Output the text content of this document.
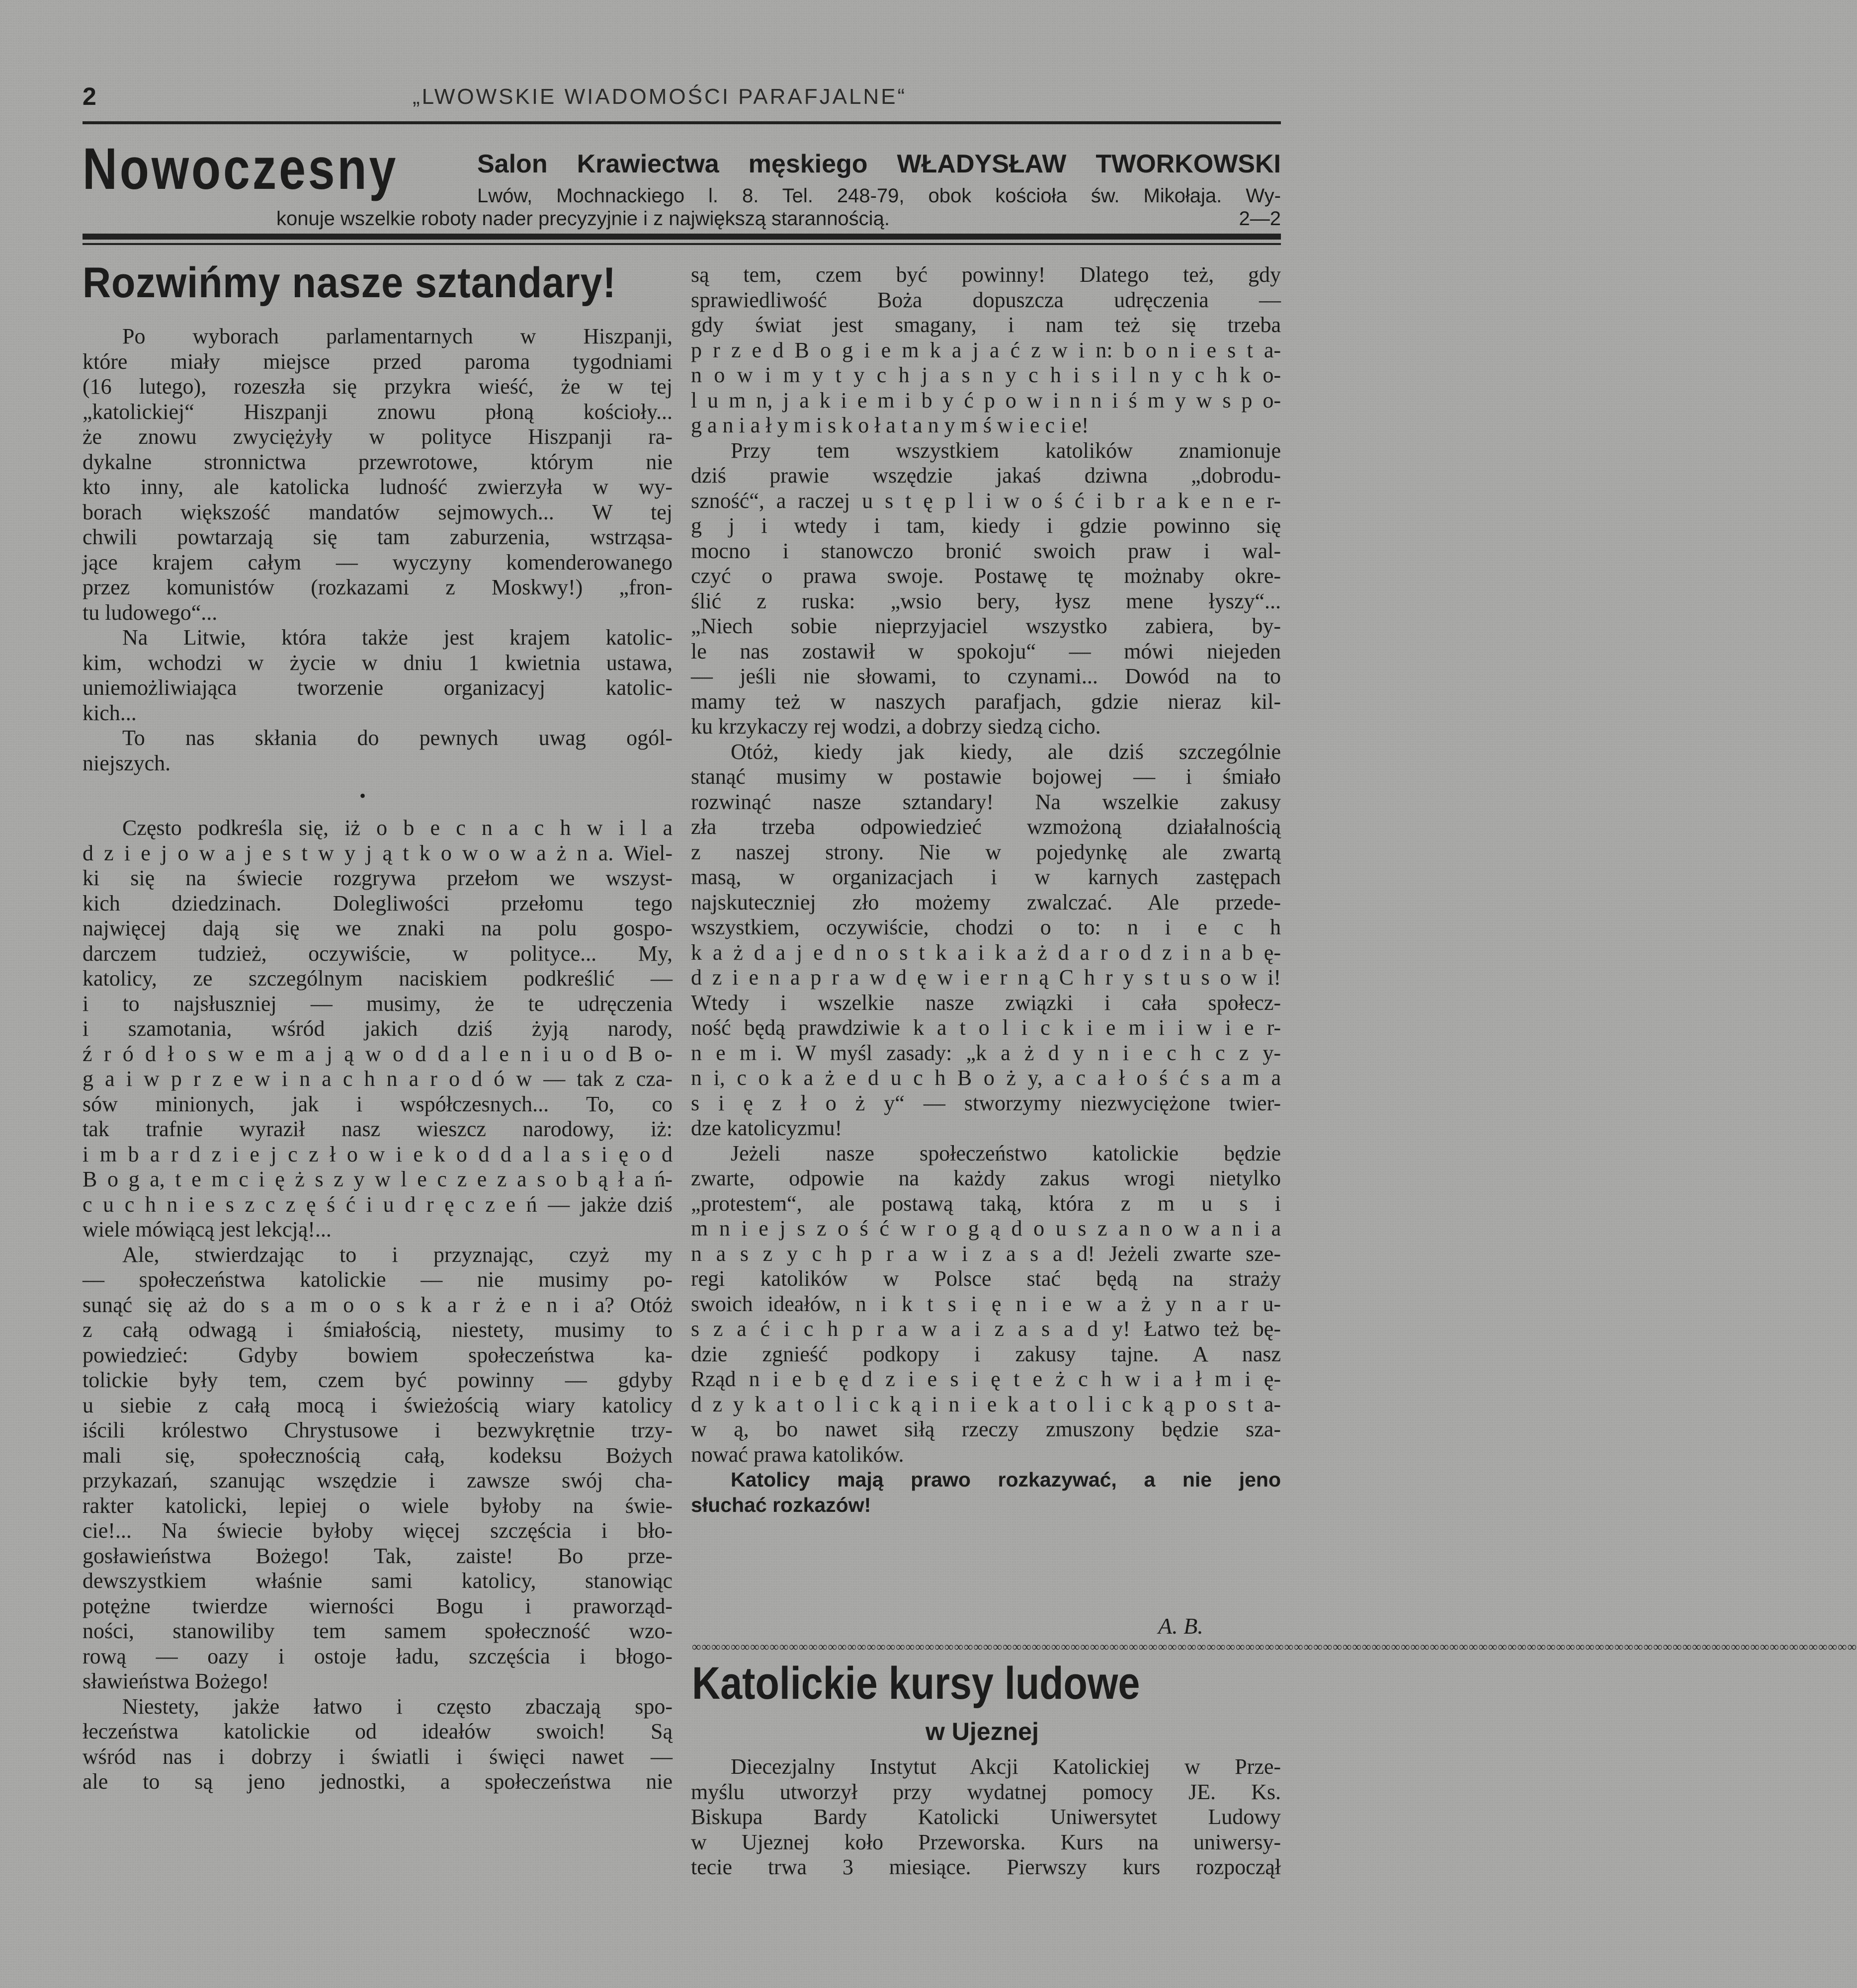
2	„LWOWSKIE WIADOMOŚCI PARAFJALNE“
Nowoczesny	Salon Krawiectwa męskiego WŁADYSŁAW TWORKOWSKI
Lwów, Mochnackiego l. 8. Tel. 248-79, obok kościoła św. Mikołaja. Wy-
konuje wszelkie roboty nader precyzyjnie i z największą starannością.	2—2
Rozwińmy nasze sztandary!
Po wyborach parlamentarnych w Hiszpanji,
które miały miejsce przed paroma tygodniami
(16 lutego), rozeszła się przykra wieść, że w tej
„katolickiej“ Hiszpanji znowu płoną kościoły...
że znowu zwyciężyły w polityce Hiszpanji ra-
dykalne stronnictwa przewrotowe, którym nie
kto inny, ale katolicka ludność zwierzyła w wy-
borach większość mandatów sejmowych... W tej
chwili powtarzają się tam zaburzenia, wstrząsa-
jące krajem całym — wyczyny komenderowanego
przez komunistów (rozkazami z Moskwy!) „fron-
tu ludowego“...
Na Litwie, która także jest krajem katolic-
kim, wchodzi w życie w dniu 1 kwietnia ustawa,
uniemożliwiająca tworzenie organizacyj katolic-
kich...
To nas skłania do pewnych uwag ogól-
niejszych.
•
Często podkreśla się, iż o b e c n a c h w i l a
d z i e j o w a j e s t w y j ą t k o w o w a ż n a. Wiel-
ki się na świecie rozgrywa przełom we wszyst-
kich dziedzinach. Dolegliwości przełomu tego
najwięcej dają się we znaki na polu gospo-
darczem tudzież, oczywiście, w polityce... My,
katolicy, ze szczególnym naciskiem podkreślić —
i to najsłuszniej — musimy, że te udręczenia
i szamotania, wśród jakich dziś żyją narody,
ź r ó d ł o s w e m a j ą w o d d a l e n i u o d B o-
g a i w p r z e w i n a c h n a r o d ó w — tak z cza-
sów minionych, jak i współczesnych... To, co
tak trafnie wyraził nasz wieszcz narodowy, iż:
i m b a r d z i e j c z ł o w i e k o d d a l a s i ę o d
B o g a, t e m c i ę ż s z y w l e c z e z a s o b ą ł a ń-
c u c h n i e s z c z ę ś ć i u d r ę c z e ń — jakże dziś
wiele mówiącą jest lekcją!...
Ale, stwierdzając to i przyznając, czyż my
— społeczeństwa katolickie — nie musimy po-
sunąć się aż do s a m o o s k a r ż e n i a? Otóż
z całą odwagą i śmiałością, niestety, musimy to
powiedzieć: Gdyby bowiem społeczeństwa ka-
tolickie były tem, czem być powinny — gdyby
u siebie z całą mocą i świeżością wiary katolicy
iścili królestwo Chrystusowe i bezwykrętnie trzy-
mali się, społecznością całą, kodeksu Bożych
przykazań, szanując wszędzie i zawsze swój cha-
rakter katolicki, lepiej o wiele byłoby na świe-
cie!... Na świecie byłoby więcej szczęścia i bło-
gosławieństwa Bożego! Tak, zaiste! Bo prze-
dewszystkiem właśnie sami katolicy, stanowiąc
potężne twierdze wierności Bogu i praworząd-
ności, stanowiliby tem samem społeczność wzo-
rową — oazy i ostoje ładu, szczęścia i błogo-
sławieństwa Bożego!
Niestety, jakże łatwo i często zbaczają spo-
łeczeństwa katolickie od ideałów swoich! Są
wśród nas i dobrzy i światli i święci nawet —
ale to są jeno jednostki, a społeczeństwa nie
są tem, czem być powinny! Dlatego też, gdy
sprawiedliwość Boża dopuszcza udręczenia —
gdy świat jest smagany, i nam też się trzeba
p r z e d B o g i e m k a j a ć z w i n: b o n i e s t a-
n o w i m y t y c h j a s n y c h i s i l n y c h k o-
l u m n, j a k i e m i b y ć p o w i n n i ś m y w s p o-
g a n i a ł y m i s k o ł a t a n y m ś w i e c i e!
Przy tem wszystkiem katolików znamionuje
dziś prawie wszędzie jakaś dziwna „dobrodu-
szność“, a raczej u s t ę p l i w o ś ć i b r a k e n e r-
g j i wtedy i tam, kiedy i gdzie powinno się
mocno i stanowczo bronić swoich praw i wal-
czyć o prawa swoje. Postawę tę możnaby okre-
ślić z ruska: „wsio bery, łysz mene łyszy“...
„Niech sobie nieprzyjaciel wszystko zabiera, by-
le nas zostawił w spokoju“ — mówi niejeden
— jeśli nie słowami, to czynami... Dowód na to
mamy też w naszych parafjach, gdzie nieraz kil-
ku krzykaczy rej wodzi, a dobrzy siedzą cicho.
Otóż, kiedy jak kiedy, ale dziś szczególnie
stanąć musimy w postawie bojowej — i śmiało
rozwinąć nasze sztandary! Na wszelkie zakusy
zła trzeba odpowiedzieć wzmożoną działalnością
z naszej strony. Nie w pojedynkę ale zwartą
masą, w organizacjach i w karnych zastępach
najskuteczniej zło możemy zwalczać. Ale przede-
wszystkiem, oczywiście, chodzi o to: n i e c h
k a ż d a j e d n o s t k a i k a ż d a r o d z i n a b ę-
d z i e n a p r a w d ę w i e r n ą C h r y s t u s o w i!
Wtedy i wszelkie nasze związki i cała społecz-
ność będą prawdziwie k a t o l i c k i e m i i w i e r-
n e m i. W myśl zasady: „k a ż d y n i e c h c z y-
n i, c o k a ż e d u c h B o ż y, a c a ł o ś ć s a m a
s i ę z ł o ż y“ — stworzymy niezwyciężone twier-
dze katolicyzmu!
Jeżeli nasze społeczeństwo katolickie będzie
zwarte, odpowie na każdy zakus wrogi nietylko
„protestem“, ale postawą taką, która z m u s i
m n i e j s z o ś ć w r o g ą d o u s z a n o w a n i a
n a s z y c h p r a w i z a s a d! Jeżeli zwarte sze-
regi katolików w Polsce stać będą na straży
swoich ideałów, n i k t s i ę n i e w a ż y n a r u-
s z a ć i c h p r a w a i z a s a d y! Łatwo też bę-
dzie zgnieść podkopy i zakusy tajne. A nasz
Rząd n i e b ę d z i e s i ę t e ż c h w i a ł m i ę-
d z y k a t o l i c k ą i n i e k a t o l i c k ą p o s t a-
w ą, bo nawet siłą rzeczy zmuszony będzie sza-
nować prawa katolików.
Katolicy mają prawo rozkazywać, a nie jeno
słuchać rozkazów!
A. B.
∞∞∞∞∞∞∞∞∞∞∞∞∞∞∞∞∞∞∞∞∞∞∞∞∞∞∞∞∞∞∞∞∞∞∞∞∞∞∞∞∞∞∞∞∞∞∞∞∞∞∞∞∞∞∞∞∞∞∞∞∞∞∞∞∞∞∞∞∞∞∞∞∞∞∞∞∞∞∞∞∞∞∞∞∞∞∞∞∞∞∞∞∞∞∞∞∞∞∞∞∞∞∞∞∞∞∞∞∞∞∞∞∞∞∞∞∞∞∞∞
Katolickie kursy ludowe
w Ujeznej
Diecezjalny Instytut Akcji Katolickiej w Prze-
myślu utworzył przy wydatnej pomocy JE. Ks.
Biskupa Bardy Katolicki Uniwersytet Ludowy
w Ujeznej koło Przeworska. Kurs na uniwersy-
tecie trwa 3 miesiące. Pierwszy kurs rozpoczął
